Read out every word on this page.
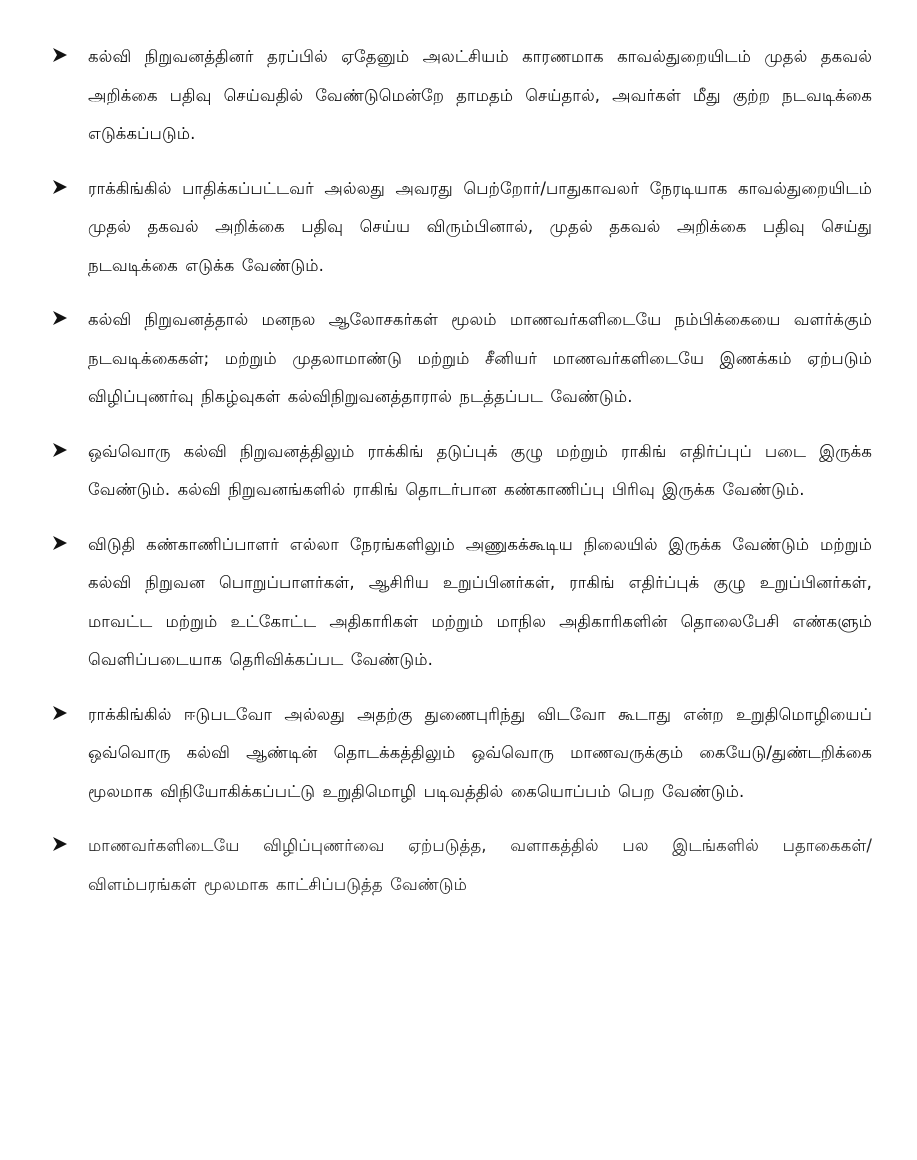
கல்வி நிறுவனத்தினர் தரப்பில் ஏதேனும் அலட்சியம் காரணமாக காவல்துறையிடம் முதல் தகவல் அறிக்கை பதிவு செய்வதில் வேண்டுமென்றே தாமதம் செய்தால், அவர்கள் மீது குற்ற நடவடிக்கை எடுக்கப்படும்.
ராக்கிங்கில் பாதிக்கப்பட்டவர் அல்லது அவரது பெற்றோர்/பாதுகாவலர் நேரடியாக காவல்துறையிடம் முதல் தகவல் அறிக்கை பதிவு செய்ய விரும்பினால், முதல் தகவல் அறிக்கை பதிவு செய்து நடவடிக்கை எடுக்க வேண்டும்.
கல்வி நிறுவனத்தால் மனநல ஆலோசகர்கள் மூலம் மாணவர்களிடையே நம்பிக்கையை வளர்க்கும் நடவடிக்கைகள்; மற்றும் முதலாமாண்டு மற்றும் சீனியர் மாணவர்களிடையே இணக்கம் ஏற்படும் விழிப்புணர்வு நிகழ்வுகள் கல்விநிறுவனத்தாரால் நடத்தப்பட வேண்டும்.
ஒவ்வொரு கல்வி நிறுவனத்திலும் ராக்கிங் தடுப்புக் குழு மற்றும் ராகிங் எதிர்ப்புப் படை இருக்க வேண்டும். கல்வி நிறுவனங்களில் ராகிங் தொடர்பான கண்காணிப்பு பிரிவு இருக்க வேண்டும்.
விடுதி கண்காணிப்பாளர் எல்லா நேரங்களிலும் அணுகக்கூடிய நிலையில் இருக்க வேண்டும் மற்றும் கல்வி நிறுவன பொறுப்பாளர்கள், ஆசிரிய உறுப்பினர்கள், ராகிங் எதிர்ப்புக் குழு உறுப்பினர்கள், மாவட்ட மற்றும் உட்கோட்ட அதிகாரிகள் மற்றும் மாநில அதிகாரிகளின் தொலைபேசி எண்களும் வெளிப்படையாக தெரிவிக்கப்பட வேண்டும்.
ராக்கிங்கில் ஈடுபடவோ அல்லது அதற்கு துணைபுரிந்து விடவோ கூடாது என்ற உறுதிமொழியைப் ஒவ்வொரு கல்வி ஆண்டின் தொடக்கத்திலும் ஒவ்வொரு மாணவருக்கும் கையேடு/துண்டறிக்கை மூலமாக விநியோகிக்கப்பட்டு உறுதிமொழி படிவத்தில் கையொப்பம் பெற வேண்டும்.
மாணவர்களிடையே விழிப்புணர்வை ஏற்படுத்த, வளாகத்தில் பல இடங்களில் பதாகைகள்/ விளம்பரங்கள் மூலமாக காட்சிப்படுத்த வேண்டும்
